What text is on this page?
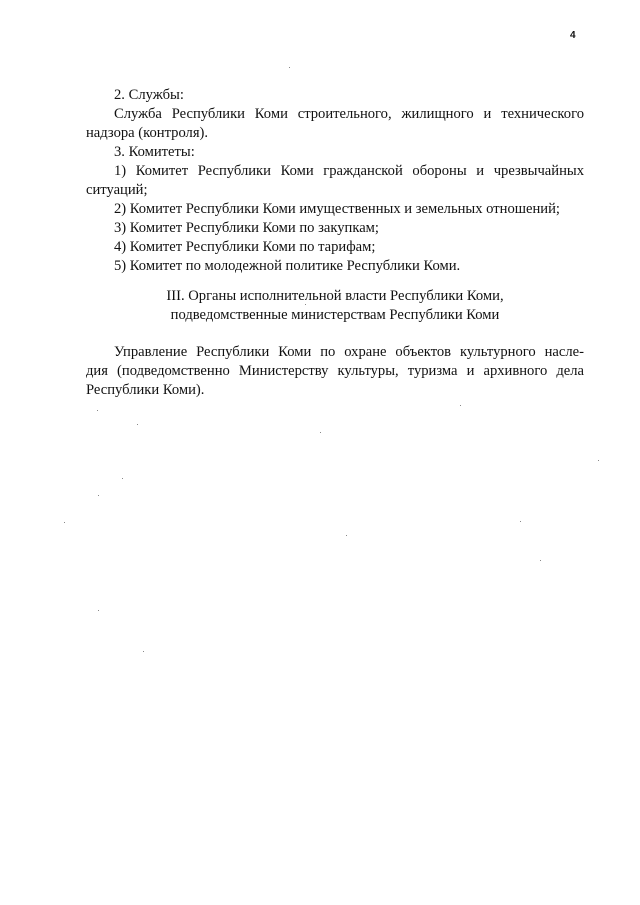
4

2. Службы:

Служба Республики Коми строительного, жилищного и технического

надзора (контроля).

3. Комитеты:

1) Комитет Республики Коми гражданской обороны и чрезвычайных

ситуаций;

2) Комитет Республики Коми имущественных и земельных отношений;

3) Комитет Республики Коми по закупкам;

4) Комитет Республики Коми по тарифам;

5) Комитет по молодежной политике Республики Коми.

III. Органы исполнительной власти Республики Коми,
подведомственные министерствам Республики Коми

Управление Республики Коми по охране объектов культурного насле-

дия (подведомственно Министерству культуры, туризма и архивного дела

Республики Коми).
